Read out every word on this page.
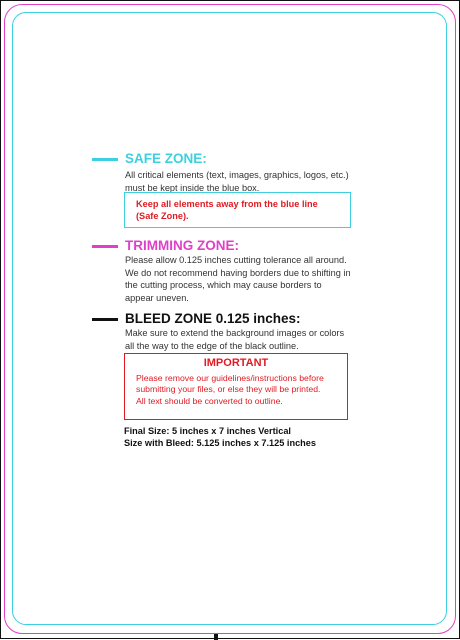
SAFE ZONE:

All critical elements (text, images, graphics, logos, etc.)
must be kept inside the blue box.

Keep all elements away from the blue line
(Safe Zone).

TRIMMING ZONE:

Please allow 0.125 inches cutting tolerance all around.
We do not recommend having borders due to shifting in
the cutting process, which may cause borders to
appear uneven.

BLEED ZONE 0.125 inches:

Make sure to extend the background images or colors
all the way to the edge of the black outline.

IMPORTANT

Please remove our guidelines/instructions before
submitting your files, or else they will be printed.
All text should be converted to outline.

Final Size: 5 inches x 7 inches Vertical
Size with Bleed: 5.125 inches x 7.125 inches
